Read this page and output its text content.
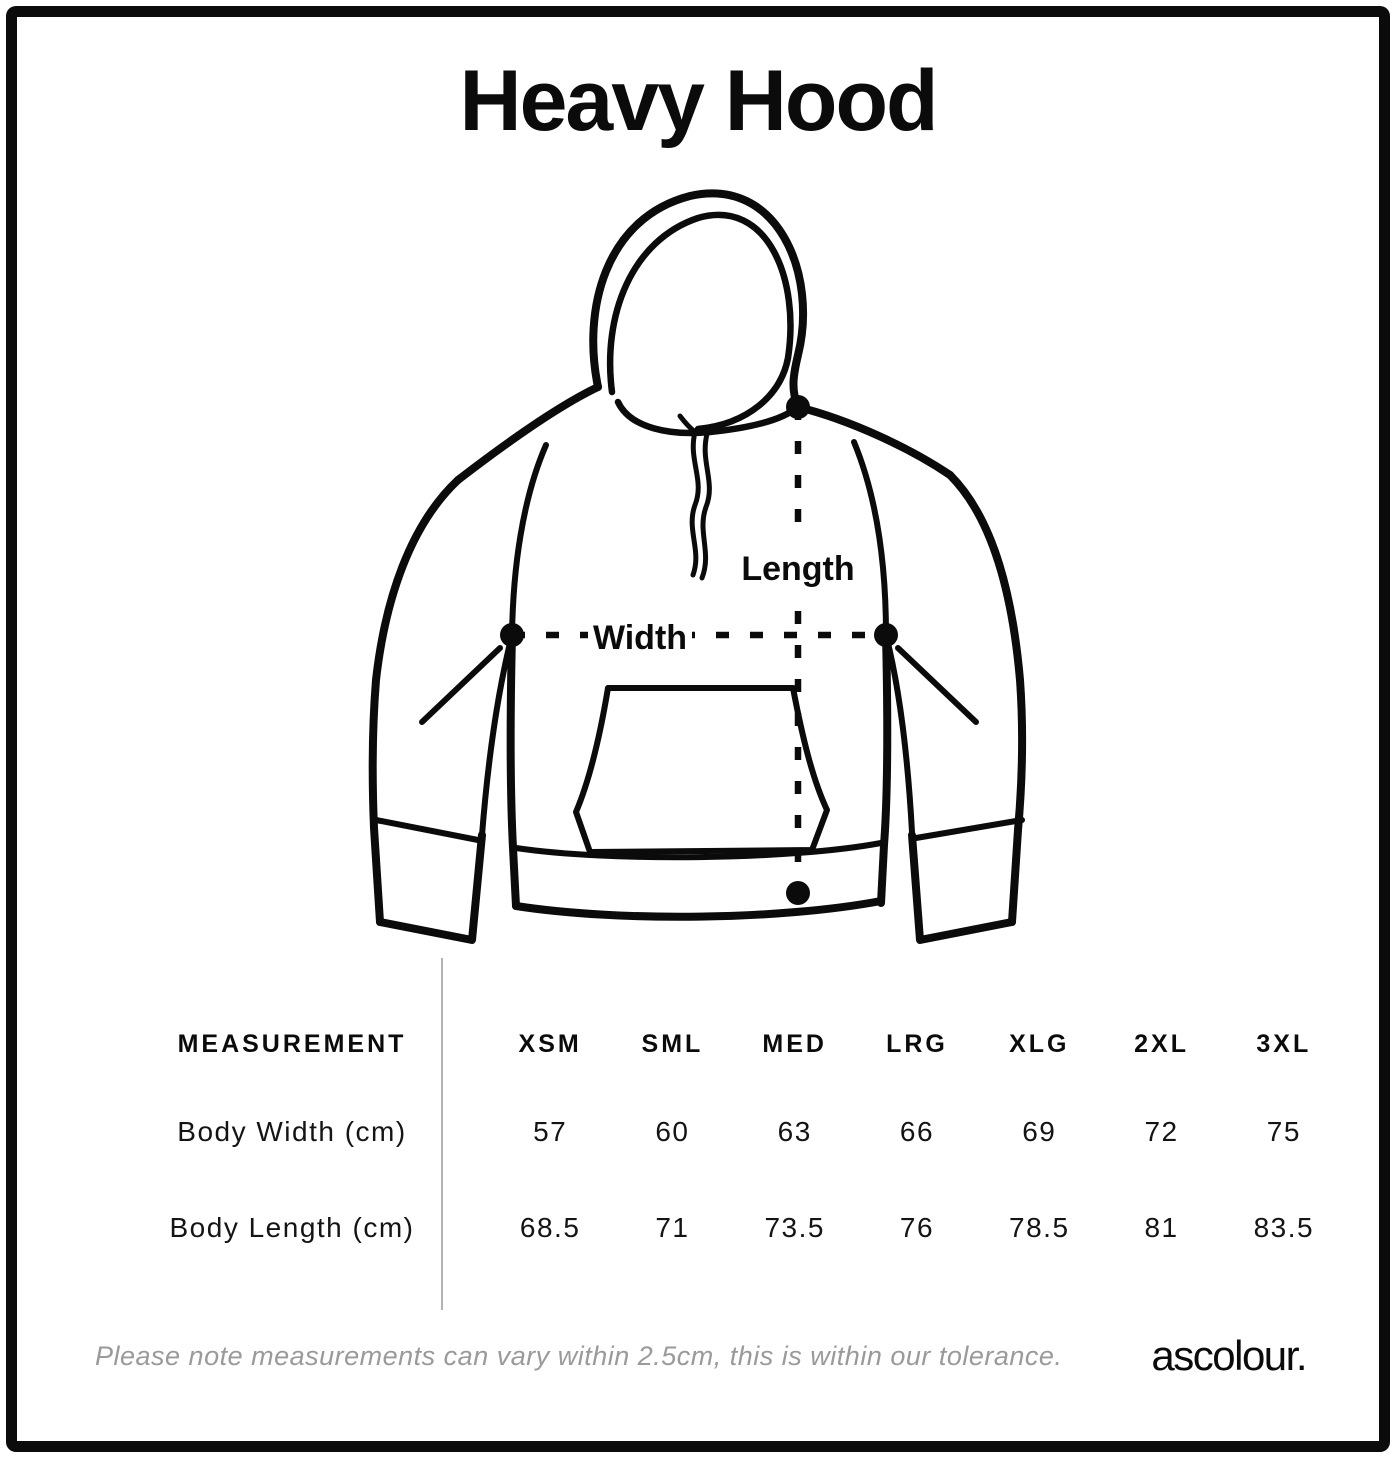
Heavy Hood
Width
Length
MEASUREMENT	XSM	SML	MED	LRG	XLG	2XL	3XL
Body Width (cm)	57	60	63	66	69	72	75
Body Length (cm)	68.5	71	73.5	76	78.5	81	83.5
Please note measurements can vary within 2.5cm, this is within our tolerance. ascolour.
